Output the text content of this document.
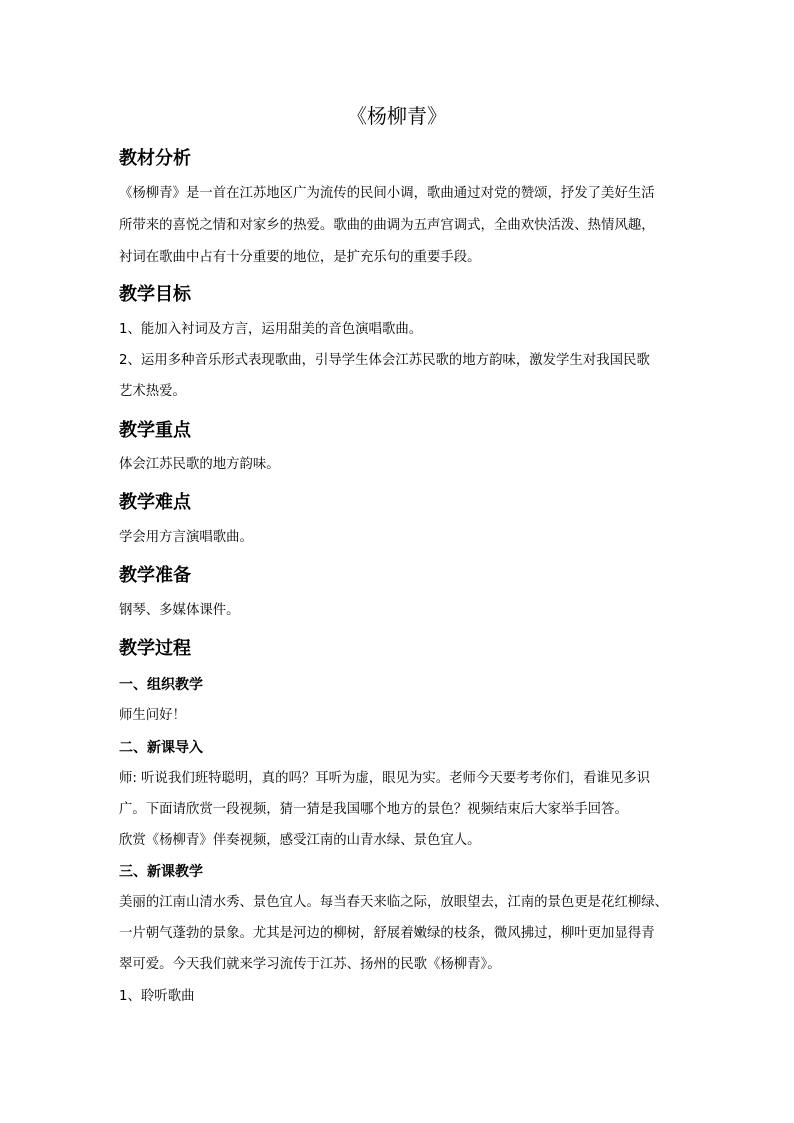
《杨柳青》
教材分析

《杨柳青》是一首在江苏地区广为流传的民间小调，歌曲通过对党的赞颂，抒发了美好生活

所带来的喜悦之情和对家乡的热爱。歌曲的曲调为五声宫调式，全曲欢快活泼、热情风趣，

衬词在歌曲中占有十分重要的地位，是扩充乐句的重要手段。

教学目标

1、能加入衬词及方言，运用甜美的音色演唱歌曲。

2、运用多种音乐形式表现歌曲，引导学生体会江苏民歌的地方韵味，激发学生对我国民歌

艺术热爱。

教学重点

体会江苏民歌的地方韵味。

教学难点

学会用方言演唱歌曲。

教学准备

钢琴、多媒体课件。

教学过程
一、组织教学

师生问好！

二、新课导入

师: 听说我们班特聪明，真的吗？耳听为虚，眼见为实。老师今天要考考你们，看谁见多识

广。下面请欣赏一段视频，猜一猜是我国哪个地方的景色？视频结束后大家举手回答。

欣赏《杨柳青》伴奏视频，感受江南的山青水绿、景色宜人。

三、新课教学

美丽的江南山清水秀、景色宜人。每当春天来临之际，放眼望去，江南的景色更是花红柳绿、

一片朝气蓬勃的景象。尤其是河边的柳树，舒展着嫩绿的枝条，微风拂过，柳叶更加显得青

翠可爱。今天我们就来学习流传于江苏、扬州的民歌《杨柳青》。

1、聆听歌曲
